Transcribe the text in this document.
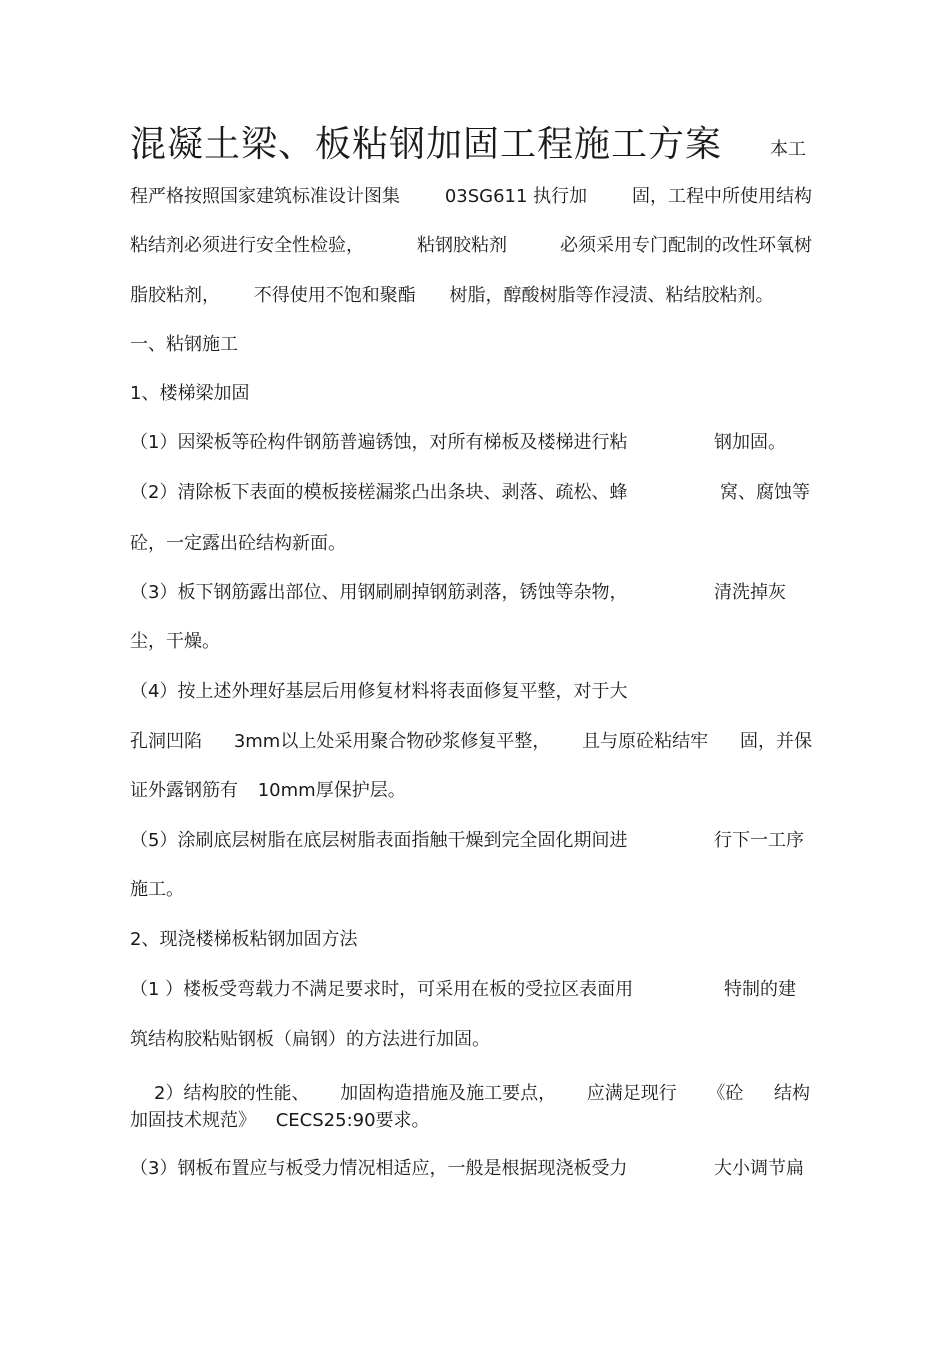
混凝土梁、板粘钢加固工程施工方案	本工
程严格按照国家建筑标准设计图集 03SG611 执行加 固，工程中所使用结构
粘结剂必须进行安全性检验，	粘钢胶粘剂	必须采用专门配制的改性环氧树
脂胶粘剂， 不得使用不饱和聚酯 树脂，醇酸树脂等作浸渍、粘结胶粘剂。
一、粘钢施工
1、楼梯梁加固
（1）因梁板等砼构件钢筋普遍锈蚀，对所有梯板及楼梯进行粘	钢加固。
（2）清除板下表面的模板接槎漏浆凸出条块、剥落、疏松、蜂	窝、腐蚀等
砼，一定露出砼结构新面。
（3）板下钢筋露出部位、用钢刷刷掉钢筋剥落，锈蚀等杂物，	清洗掉灰
尘，干燥。
（4）按上述外理好基层后用修复材料将表面修复平整，对于大
孔洞凹陷 3mm以上处采用聚合物砂浆修复平整， 且与原砼粘结牢 固，并保
证外露钢筋有 10mm厚保护层。
（5）涂刷底层树脂在底层树脂表面指触干燥到完全固化期间进	行下一工序
施工。
2、现浇楼梯板粘钢加固方法
（1 ）楼板受弯载力不满足要求时，可采用在板的受拉区表面用	特制的建
筑结构胶粘贴钢板（扁钢）的方法进行加固。
2）结构胶的性能、 加固构造措施及施工要点， 应满足现行 《砼 结构
加固技术规范》 CECS25:90要求。
（3）钢板布置应与板受力情况相适应，一般是根据现浇板受力	大小调节扁
